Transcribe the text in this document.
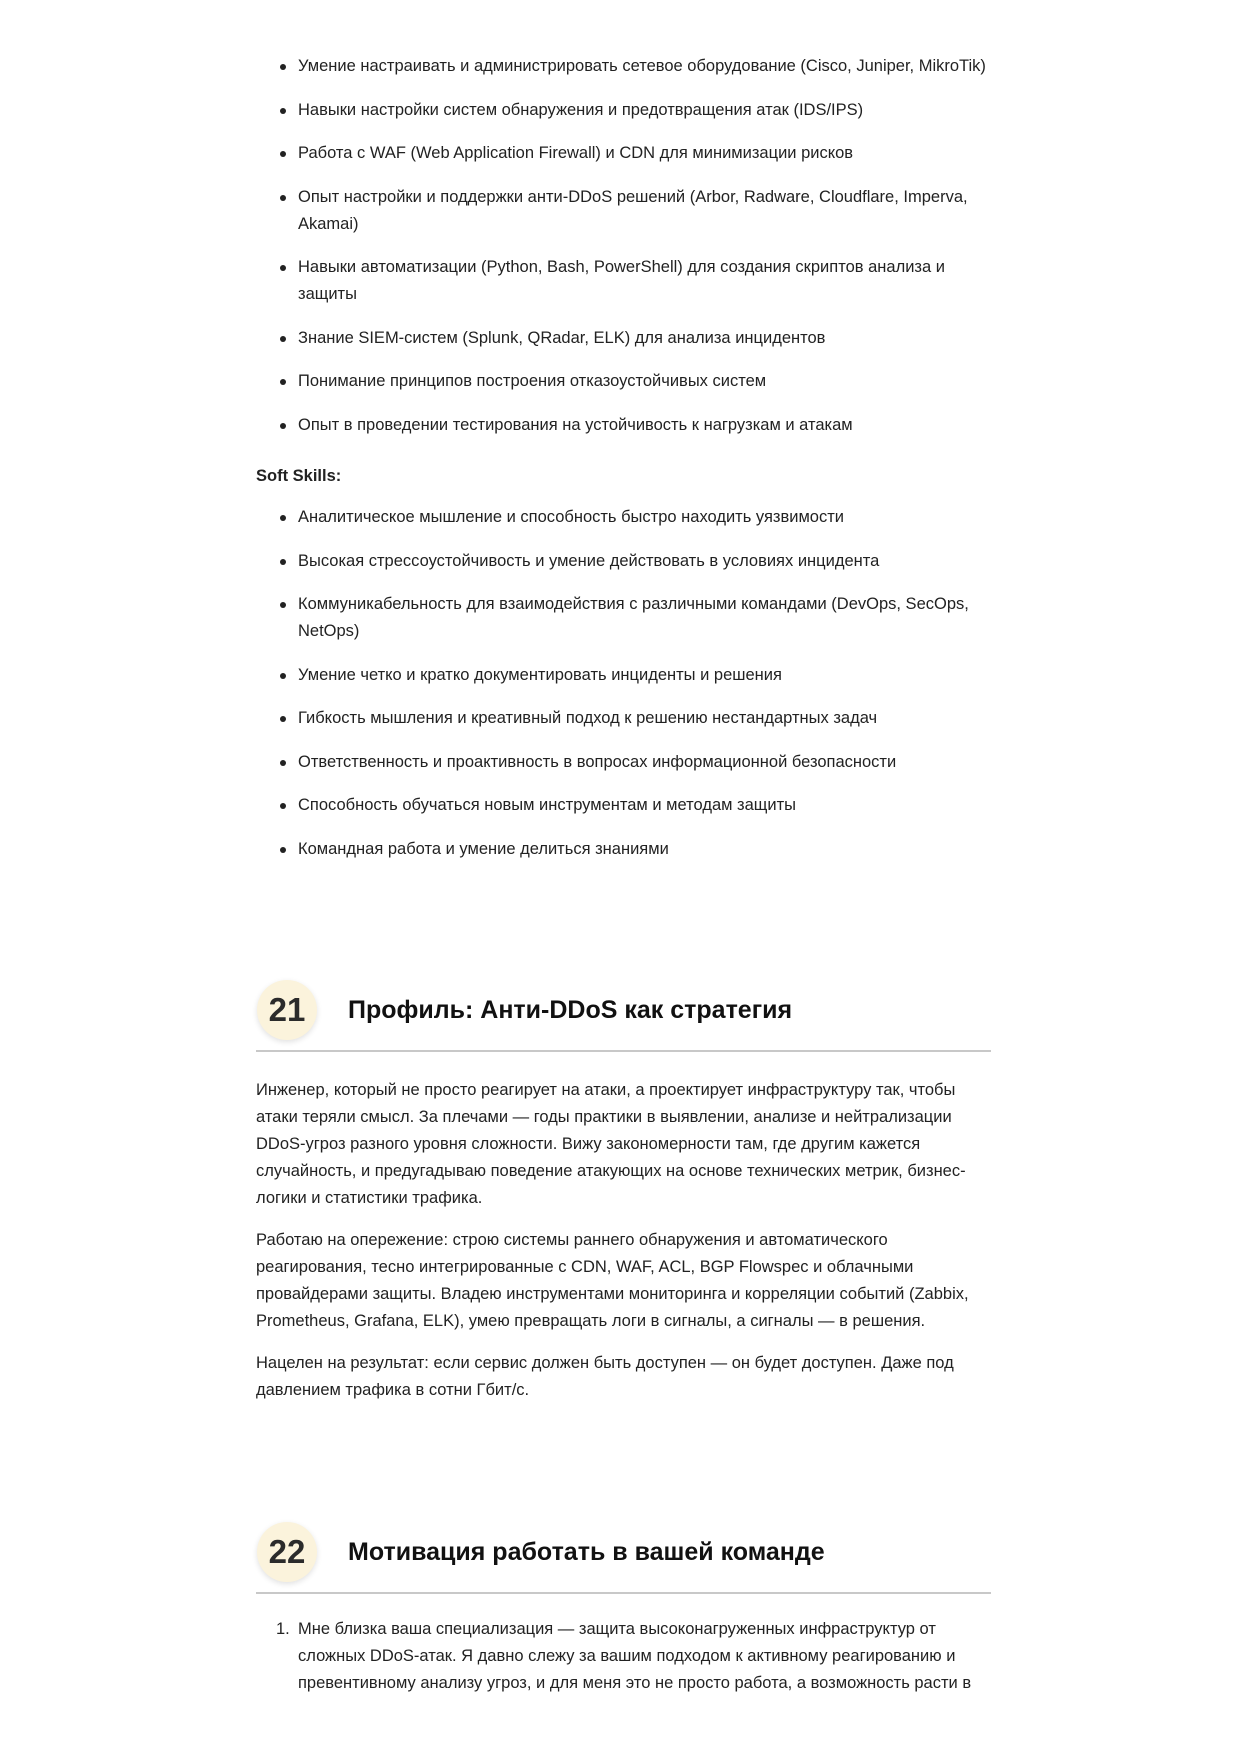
Умение настраивать и администрировать сетевое оборудование (Cisco, Juniper, MikroTik)
Навыки настройки систем обнаружения и предотвращения атак (IDS/IPS)
Работа с WAF (Web Application Firewall) и CDN для минимизации рисков
Опыт настройки и поддержки анти-DDoS решений (Arbor, Radware, Cloudflare, Imperva, Akamai)
Навыки автоматизации (Python, Bash, PowerShell) для создания скриптов анализа и защиты
Знание SIEM-систем (Splunk, QRadar, ELK) для анализа инцидентов
Понимание принципов построения отказоустойчивых систем
Опыт в проведении тестирования на устойчивость к нагрузкам и атакам

Soft Skills:

Аналитическое мышление и способность быстро находить уязвимости
Высокая стрессоустойчивость и умение действовать в условиях инцидента
Коммуникабельность для взаимодействия с различными командами (DevOps, SecOps, NetOps)
Умение четко и кратко документировать инциденты и решения
Гибкость мышления и креативный подход к решению нестандартных задач
Ответственность и проактивность в вопросах информационной безопасности
Способность обучаться новым инструментам и методам защиты
Командная работа и умение делиться знаниями
21	Профиль: Анти-DDoS как стратегия

Инженер, который не просто реагирует на атаки, а проектирует инфраструктуру так, чтобы атаки теряли смысл. За плечами — годы практики в выявлении, анализе и нейтрализации DDoS-угроз разного уровня сложности. Вижу закономерности там, где другим кажется случайность, и предугадываю поведение атакующих на основе технических метрик, бизнес-логики и статистики трафика.

Работаю на опережение: строю системы раннего обнаружения и автоматического реагирования, тесно интегрированные с CDN, WAF, ACL, BGP Flowspec и облачными провайдерами защиты. Владею инструментами мониторинга и корреляции событий (Zabbix, Prometheus, Grafana, ELK), умею превращать логи в сигналы, а сигналы — в решения.

Нацелен на результат: если сервис должен быть доступен — он будет доступен. Даже под давлением трафика в сотни Гбит/с.

22	Мотивация работать в вашей команде
1. Мне близка ваша специализация — защита высоконагруженных инфраструктур от сложных DDoS-атак. Я давно слежу за вашим подходом к активному реагированию и превентивному анализу угроз, и для меня это не просто работа, а возможность расти в
